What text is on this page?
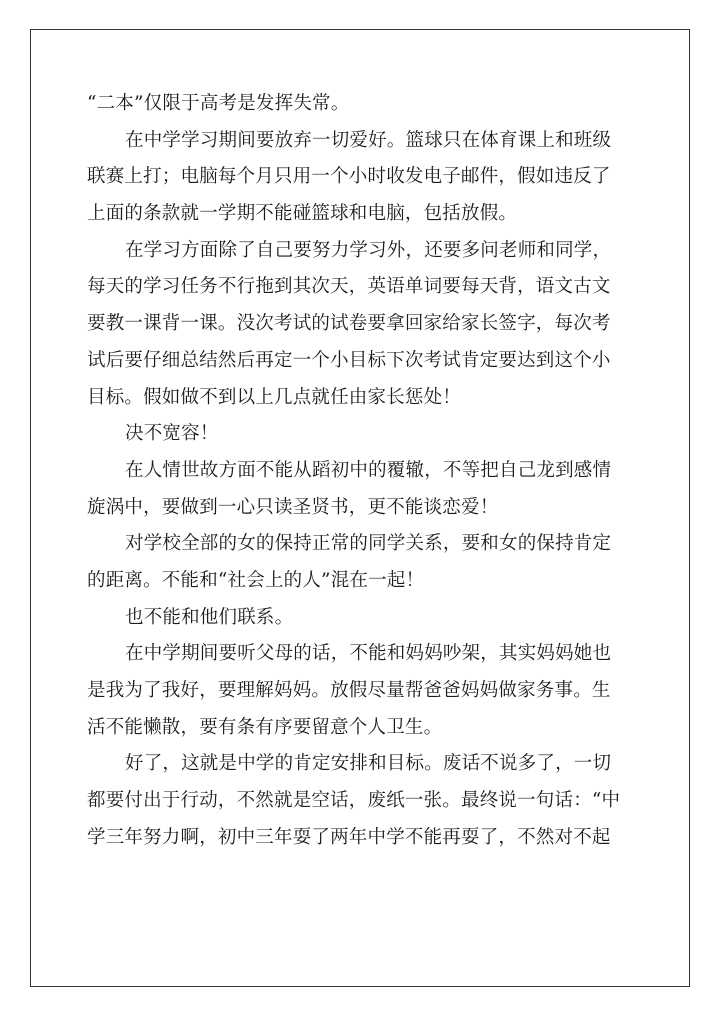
“二本”仅限于高考是发挥失常。
在中学学习期间要放弃一切爱好。篮球只在体育课上和班级
联赛上打；电脑每个月只用一个小时收发电子邮件，假如违反了
上面的条款就一学期不能碰篮球和电脑，包括放假。
在学习方面除了自己要努力学习外，还要多问老师和同学，
每天的学习任务不行拖到其次天，英语单词要每天背，语文古文
要教一课背一课。没次考试的试卷要拿回家给家长签字，每次考
试后要仔细总结然后再定一个小目标下次考试肯定要达到这个小
目标。假如做不到以上几点就任由家长惩处！
决不宽容！
在人情世故方面不能从蹈初中的覆辙，不等把自己龙到感情
旋涡中，要做到一心只读圣贤书，更不能谈恋爱！
对学校全部的女的保持正常的同学关系，要和女的保持肯定
的距离。不能和“社会上的人”混在一起！
也不能和他们联系。
在中学期间要听父母的话，不能和妈妈吵架，其实妈妈她也
是我为了我好，要理解妈妈。放假尽量帮爸爸妈妈做家务事。生
活不能懒散，要有条有序要留意个人卫生。
好了，这就是中学的肯定安排和目标。废话不说多了，一切
都要付出于行动，不然就是空话，废纸一张。最终说一句话：“中
学三年努力啊，初中三年耍了两年中学不能再耍了，不然对不起
